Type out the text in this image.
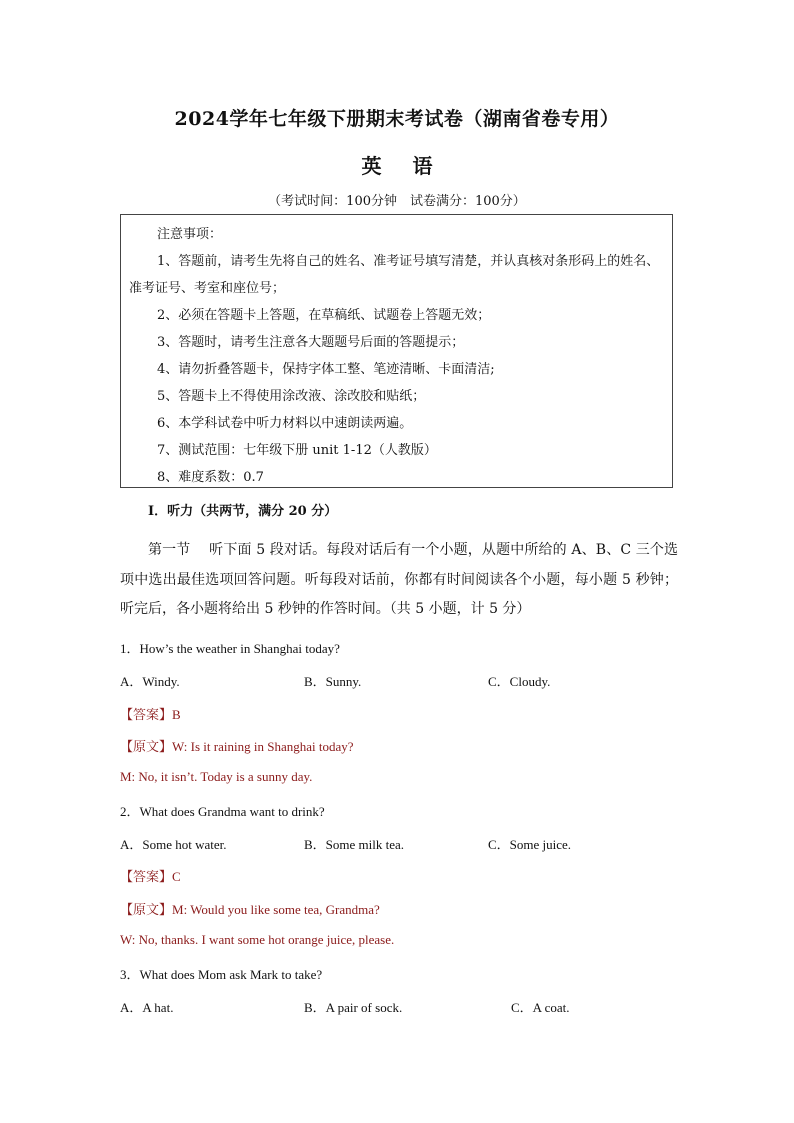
2024学年七年级下册期末考试卷（湖南省卷专用）
英 语
（考试时间：100分钟　试卷满分：100分）
注意事项：
1、答题前，请考生先将自己的姓名、准考证号填写清楚，并认真核对条形码上的姓名、准考证号、考室和座位号；
2、必须在答题卡上答题，在草稿纸、试题卷上答题无效；
3、答题时，请考生注意各大题题号后面的答题提示；
4、请勿折叠答题卡，保持字体工整、笔迹清晰、卡面清洁;
5、答题卡上不得使用涂改液、涂改胶和贴纸；
6、本学科试卷中听力材料以中速朗读两遍。
7、测试范围：七年级下册 unit 1-12（人教版）
8、难度系数：0.7
I．听力（共两节，满分 20 分）
第一节　 听下面 5 段对话。每段对话后有一个小题，从题中所给的 A、B、C 三个选项中选出最佳选项回答问题。听每段对话前，你都有时间阅读各个小题，每小题 5 秒钟；听完后，各小题将给出 5 秒钟的作答时间。（共 5 小题，计 5 分）
1．How’s the weather in Shanghai today?
A．Windy.	B．Sunny.	C．Cloudy.
【答案】B
【原文】W: Is it raining in Shanghai today?
M: No, it isn’t. Today is a sunny day.
2．What does Grandma want to drink?
A．Some hot water.	B．Some milk tea.	C．Some juice.
【答案】C
【原文】M: Would you like some tea, Grandma?
W: No, thanks. I want some hot orange juice, please.
3．What does Mom ask Mark to take?
A．A hat.	B．A pair of sock.	C．A coat.
